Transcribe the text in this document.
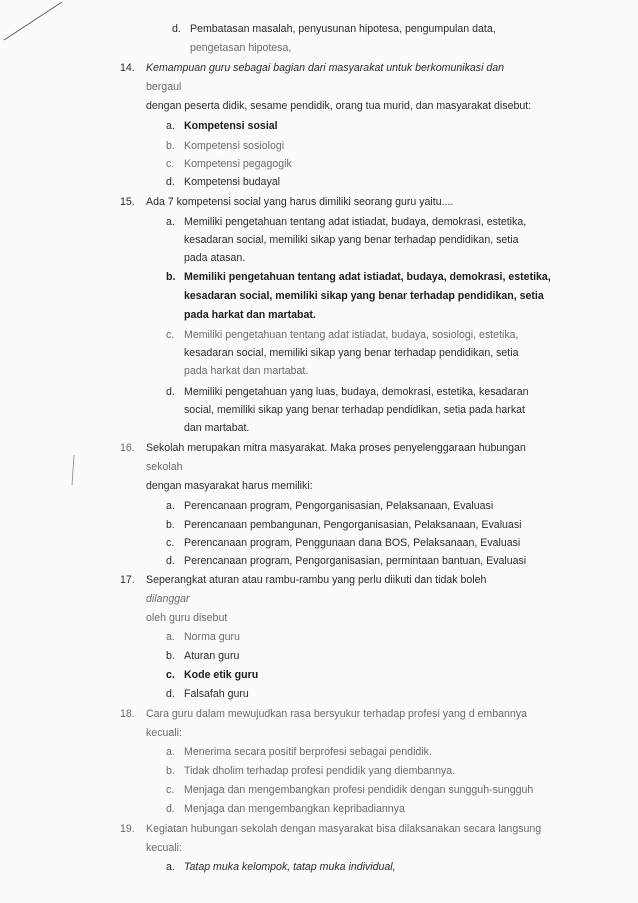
d. Pembatasan masalah, penyusunan hipotesa, pengumpulan data,
pengetasan hipotesa,
14. Kemampuan guru sebagai bagian dari masyarakat untuk berkomunikasi dan
bergaul
dengan peserta didik, sesame pendidik, orang tua murid, dan masyarakat disebut:
a. Kompetensi sosial
b. Kompetensi sosiologi
c. Kompetensi pegagogik
d. Kompetensi budayal
15. Ada 7 kompetensi social yang harus dimiliki seorang guru yaitu....
a. Memiliki pengetahuan tentang adat istiadat, budaya, demokrasi, estetika,
kesadaran social, memiliki sikap yang benar terhadap pendidikan, setia
pada atasan.
b. Memiliki pengetahuan tentang adat istiadat, budaya, demokrasi, estetika,
kesadaran social, memiliki sikap yang benar terhadap pendidikan, setia
pada harkat dan martabat.
c. Memiliki pengetahuan tentang adat istiadat, budaya, sosiologi, estetika,
kesadaran social, memiliki sikap yang benar terhadap pendidikan, setia
pada harkat dan martabat.
d. Memiliki pengetahuan yang luas, budaya, demokrasi, estetika, kesadaran
social, memiliki sikap yang benar terhadap pendidikan, setia pada harkat
dan martabat.
16. Sekolah merupakan mitra masyarakat. Maka proses penyelenggaraan hubungan
sekolah
dengan masyarakat harus memiliki:
a. Perencanaan program, Pengorganisasian, Pelaksanaan, Evaluasi
b. Perencanaan pembangunan, Pengorganisasian, Pelaksanaan, Evaluasi
c. Perencanaan program, Penggunaan dana BOS, Pelaksanaan, Evaluasi
d. Perencanaan program, Pengorganisasian, permintaan bantuan, Evaluasi
17. Seperangkat aturan atau rambu-rambu yang perlu diikuti dan tidak boleh
dilanggar
oleh guru disebut
a. Norma guru
b. Aturan guru
c. Kode etik guru
d. Falsafah guru
18. Cara guru dalam mewujudkan rasa bersyukur terhadap profesi yang d embannya
kecuali:
a. Menerima secara positif berprofesi sebagai pendidik.
b. Tidak dholim terhadap profesi pendidik yang diembannya.
c. Menjaga dan mengembangkan profesi pendidik dengan sungguh-sungguh
d. Menjaga dan mengembangkan kepribadiannya
19. Kegiatan hubungan sekolah dengan masyarakat bisa dilaksanakan secara langsung
kecuali:
a. Tatap muka kelompok, tatap muka individual,
